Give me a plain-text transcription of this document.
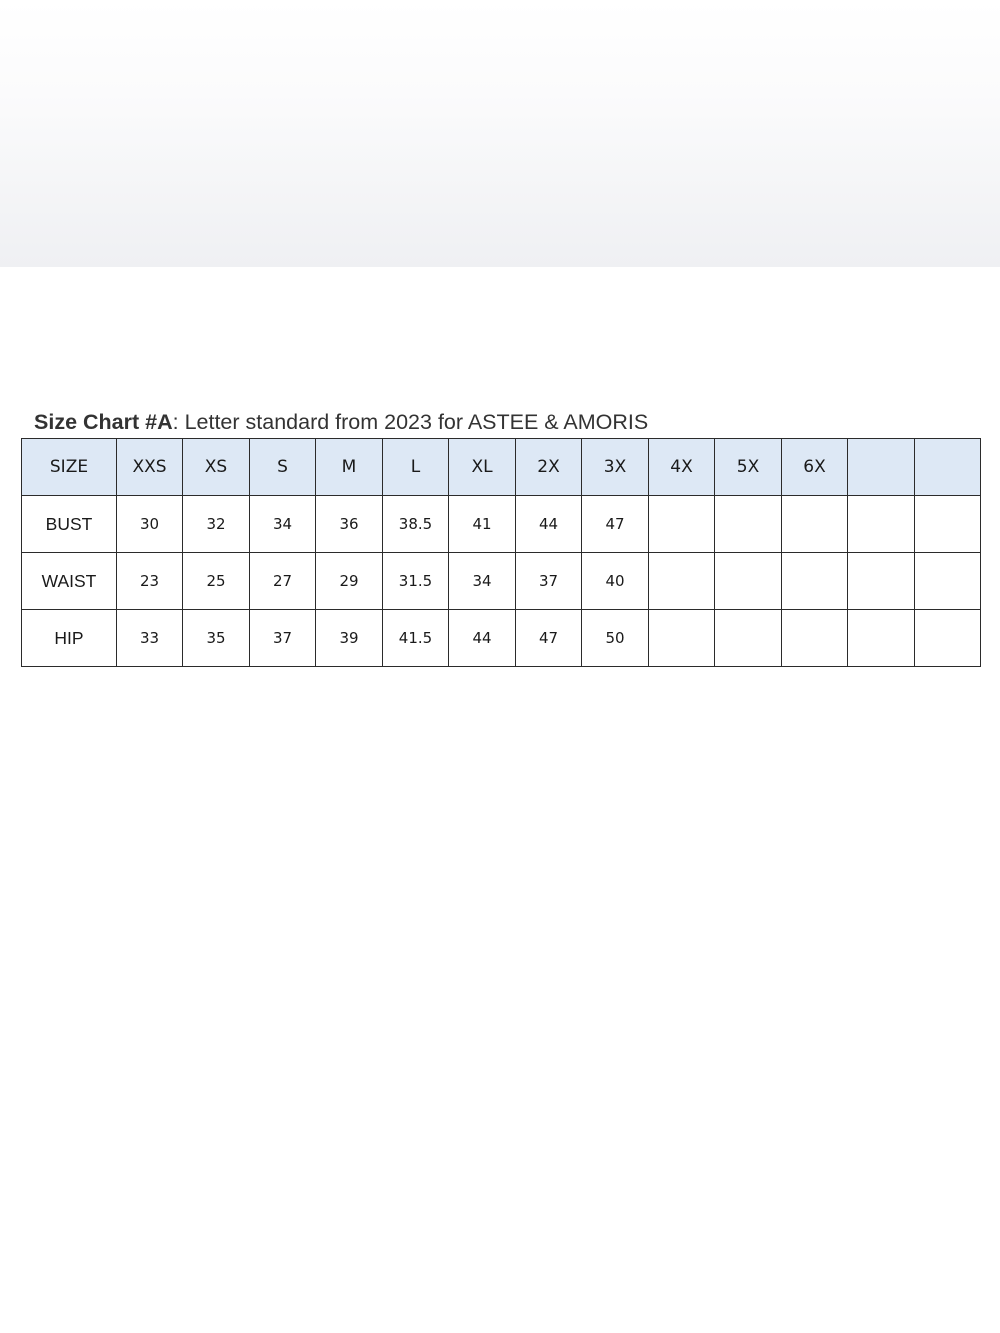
Size Chart #A: Letter standard from 2023 for ASTEE & AMORIS
SIZE	XXS	XS	S	M	L	XL	2X	3X	4X	5X	6X		
BUST	30	32	34	36	38.5	41	44	47					
WAIST	23	25	27	29	31.5	34	37	40					
HIP	33	35	37	39	41.5	44	47	50					
